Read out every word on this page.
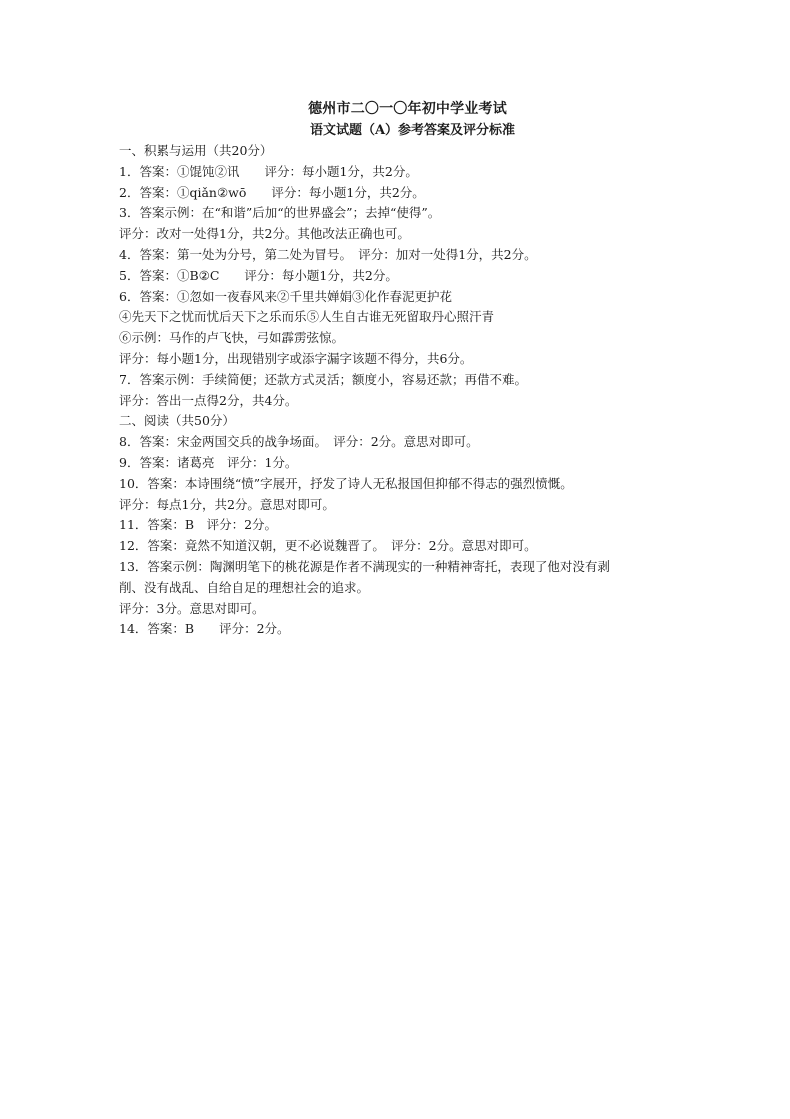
德州市二〇一〇年初中学业考试
语文试题（A）参考答案及评分标准
一、积累与运用（共20分）
1．答案：①馄饨②讯　　评分：每小题1分，共2分。
2．答案：①qiǎn②wō　　评分：每小题1分，共2分。
3．答案示例：在“和谐”后加“的世界盛会”；去掉“使得”。
评分：改对一处得1分，共2分。其他改法正确也可。
4．答案：第一处为分号，第二处为冒号。　评分：加对一处得1分，共2分。
5．答案：①B②C　　评分：每小题1分，共2分。
6．答案：①忽如一夜春风来②千里共婵娟③化作春泥更护花
④先天下之忧而忧后天下之乐而乐⑤人生自古谁无死留取丹心照汗青
⑥示例：马作的卢飞快，弓如霹雳弦惊。
评分：每小题1分，出现错别字或添字漏字该题不得分，共6分。
7．答案示例：手续简便；还款方式灵活；额度小，容易还款；再借不难。
评分：答出一点得2分，共4分。
二、阅读（共50分）
8．答案：宋金两国交兵的战争场面。　评分：2分。意思对即可。
9．答案：诸葛亮　评分：1分。
10．答案：本诗围绕“愤”字展开，抒发了诗人无私报国但抑郁不得志的强烈愤慨。
评分：每点1分，共2分。意思对即可。
11．答案：B　评分：2分。
12．答案：竟然不知道汉朝，更不必说魏晋了。　评分：2分。意思对即可。
13．答案示例：陶渊明笔下的桃花源是作者不满现实的一种精神寄托，表现了他对没有剥
削、没有战乱、自给自足的理想社会的追求。
评分：3分。意思对即可。
14．答案：B　　评分：2分。
